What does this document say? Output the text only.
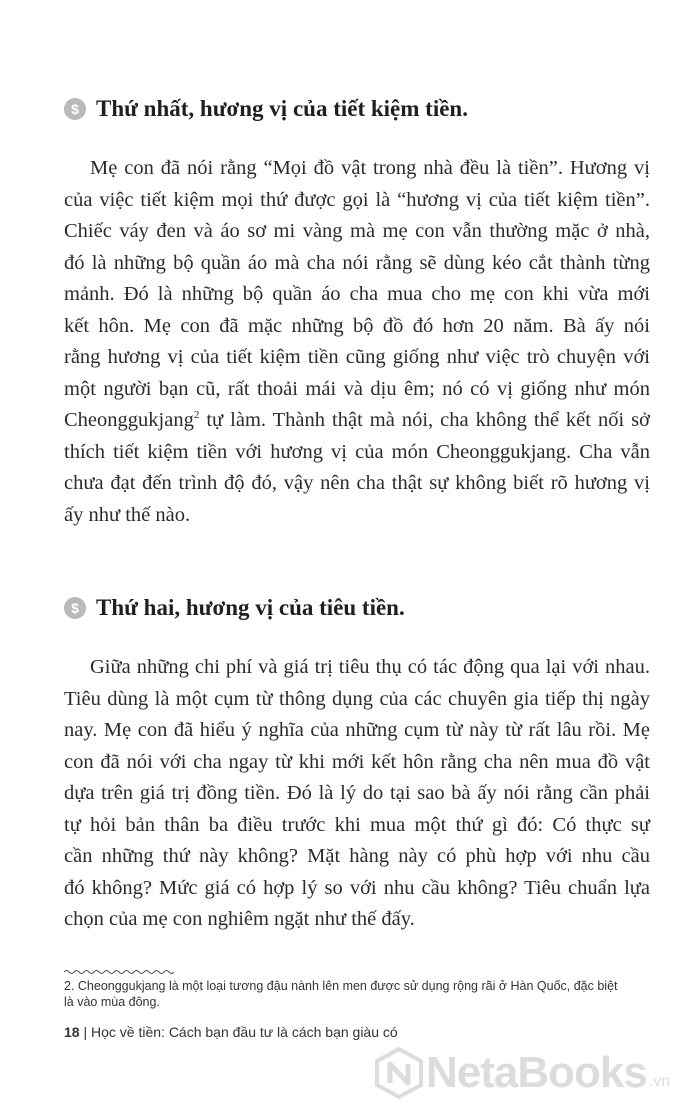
$ Thứ nhất, hương vị của tiết kiệm tiền.
Mẹ con đã nói rằng “Mọi đồ vật trong nhà đều là tiền”. Hương vị
của việc tiết kiệm mọi thứ được gọi là “hương vị của tiết kiệm tiền”.
Chiếc váy đen và áo sơ mi vàng mà mẹ con vẫn thường mặc ở nhà,
đó là những bộ quần áo mà cha nói rằng sẽ dùng kéo cắt thành từng
mảnh. Đó là những bộ quần áo cha mua cho mẹ con khi vừa mới
kết hôn. Mẹ con đã mặc những bộ đồ đó hơn 20 năm. Bà ấy nói
rằng hương vị của tiết kiệm tiền cũng giống như việc trò chuyện với
một người bạn cũ, rất thoải mái và dịu êm; nó có vị giống như món
Cheonggukjang$^2$ tự làm. Thành thật mà nói, cha không thể kết nối sở
thích tiết kiệm tiền với hương vị của món Cheonggukjang. Cha vẫn
chưa đạt đến trình độ đó, vậy nên cha thật sự không biết rõ hương vị
ấy như thế nào.
$ Thứ hai, hương vị của tiêu tiền.
Giữa những chi phí và giá trị tiêu thụ có tác động qua lại với nhau.
Tiêu dùng là một cụm từ thông dụng của các chuyên gia tiếp thị ngày
nay. Mẹ con đã hiểu ý nghĩa của những cụm từ này từ rất lâu rồi. Mẹ
con đã nói với cha ngay từ khi mới kết hôn rằng cha nên mua đồ vật
dựa trên giá trị đồng tiền. Đó là lý do tại sao bà ấy nói rằng cần phải
tự hỏi bản thân ba điều trước khi mua một thứ gì đó: Có thực sự
cần những thứ này không? Mặt hàng này có phù hợp với nhu cầu
đó không? Mức giá có hợp lý so với nhu cầu không? Tiêu chuẩn lựa
chọn của mẹ con nghiêm ngặt như thế đấy.
2. Cheonggukjang là một loại tương đậu nành lên men được sử dụng rộng rãi ở Hàn Quốc, đặc biệt
là vào mùa đông.
18 | Học về tiền: Cách bạn đầu tư là cách bạn giàu có
NetaBooks .vn
